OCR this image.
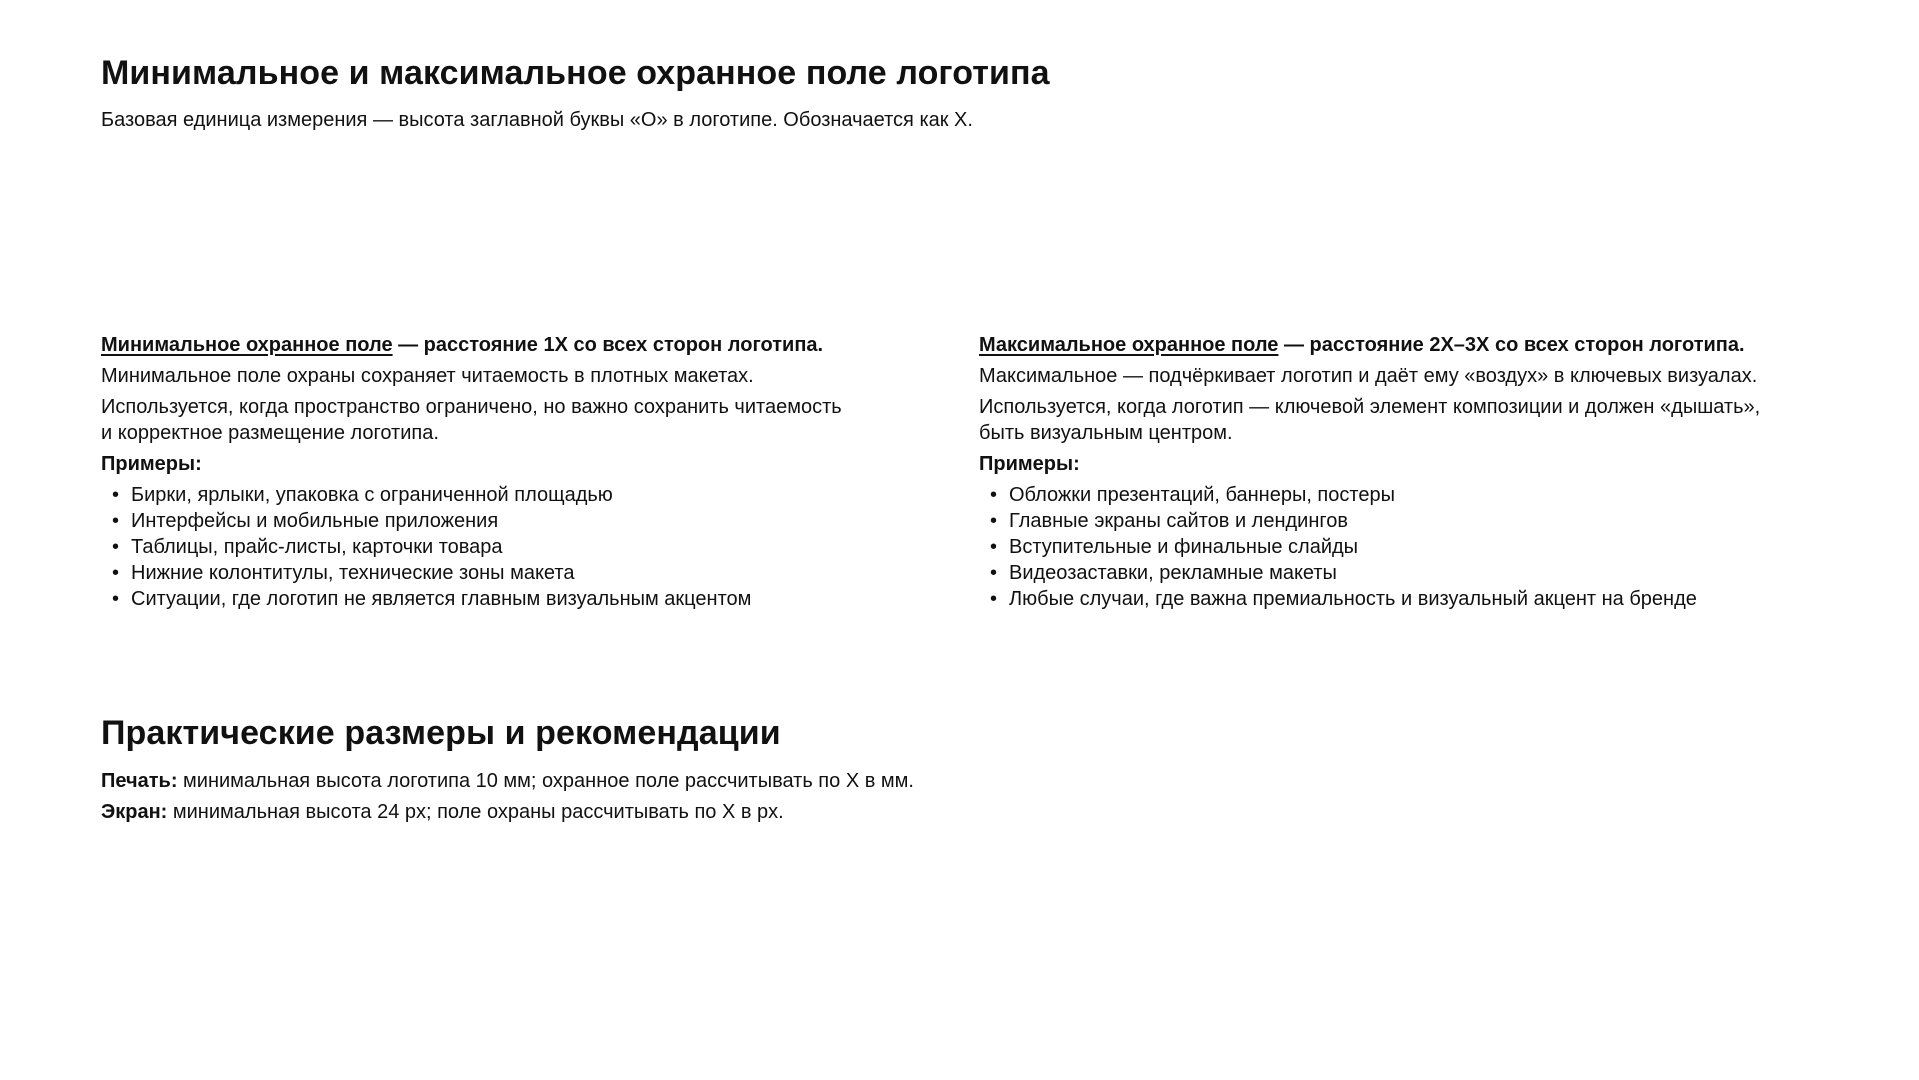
Минимальное и максимальное охранное поле логотипа

Базовая единица измерения — высота заглавной буквы «О» в логотипе. Обозначается как X.

Минимальное охранное поле — расстояние 1X со всех сторон логотипа.

Минимальное поле охраны сохраняет читаемость в плотных макетах.

Используется, когда пространство ограничено, но важно сохранить читаемость
и корректное размещение логотипа.

Примеры:

• Бирки, ярлыки, упаковка с ограниченной площадью
• Интерфейсы и мобильные приложения
• Таблицы, прайс-листы, карточки товара
• Нижние колонтитулы, технические зоны макета
• Ситуации, где логотип не является главным визуальным акцентом

Максимальное охранное поле — расстояние 2X–3X со всех сторон логотипа.

Максимальное — подчёркивает логотип и даёт ему «воздух» в ключевых визуалах.

Используется, когда логотип — ключевой элемент композиции и должен «дышать»,
быть визуальным центром.

Примеры:

• Обложки презентаций, баннеры, постеры
• Главные экраны сайтов и лендингов
• Вступительные и финальные слайды
• Видеозаставки, рекламные макеты
• Любые случаи, где важна премиальность и визуальный акцент на бренде
Практические размеры и рекомендации

Печать: минимальная высота логотипа 10 мм; охранное поле рассчитывать по X в мм.

Экран: минимальная высота 24 px; поле охраны рассчитывать по X в px.
